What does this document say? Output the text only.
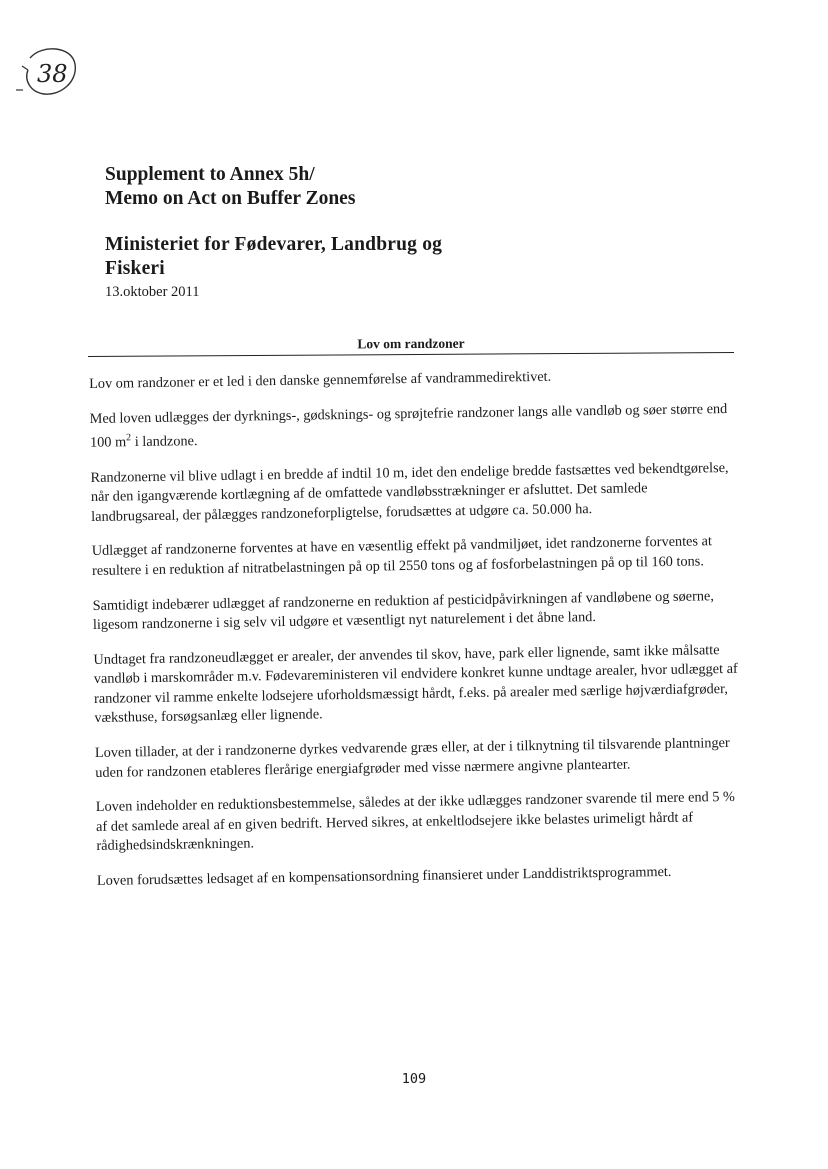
38
Supplement to Annex 5h/
Memo on Act on Buffer Zones
Ministeriet for Fødevarer, Landbrug og
Fiskeri
13.oktober 2011
Lov om randzoner

Lov om randzoner er et led i den danske gennemførelse af vandrammedirektivet.

Med loven udlægges der dyrknings-, gødsknings- og sprøjtefrie randzoner langs alle vandløb og søer større end 100 $m^2$ i landzone.

Randzonerne vil blive udlagt i en bredde af indtil 10 m, idet den endelige bredde fastsættes ved bekendtgørelse, når den igangværende kortlægning af de omfattede vandløbsstrækninger er afsluttet. Det samlede landbrugsareal, der pålægges randzoneforpligtelse, forudsættes at udgøre ca. 50.000 ha.

Udlægget af randzonerne forventes at have en væsentlig effekt på vandmiljøet, idet randzonerne forventes at resultere i en reduktion af nitratbelastningen på op til 2550 tons og af fosforbelastningen på op til 160 tons.

Samtidigt indebærer udlægget af randzonerne en reduktion af pesticidpåvirkningen af vandløbene og søerne, ligesom randzonerne i sig selv vil udgøre et væsentligt nyt naturelement i det åbne land.

Undtaget fra randzoneudlægget er arealer, der anvendes til skov, have, park eller lignende, samt ikke målsatte vandløb i marskområder m.v. Fødevareministeren vil endvidere konkret kunne undtage arealer, hvor udlægget af randzoner vil ramme enkelte lodsejere uforholdsmæssigt hårdt, f.eks. på arealer med særlige højværdiafgrøder, væksthuse, forsøgsanlæg eller lignende.

Loven tillader, at der i randzonerne dyrkes vedvarende græs eller, at der i tilknytning til tilsvarende plantninger uden for randzonen etableres flerårige energiafgrøder med visse nærmere angivne plantearter.

Loven indeholder en reduktionsbestemmelse, således at der ikke udlægges randzoner svarende til mere end 5 % af det samlede areal af en given bedrift. Herved sikres, at enkeltlodsejere ikke belastes urimeligt hårdt af rådighedsindskrænkningen.

Loven forudsættes ledsaget af en kompensationsordning finansieret under Landdistriktsprogrammet.

109
